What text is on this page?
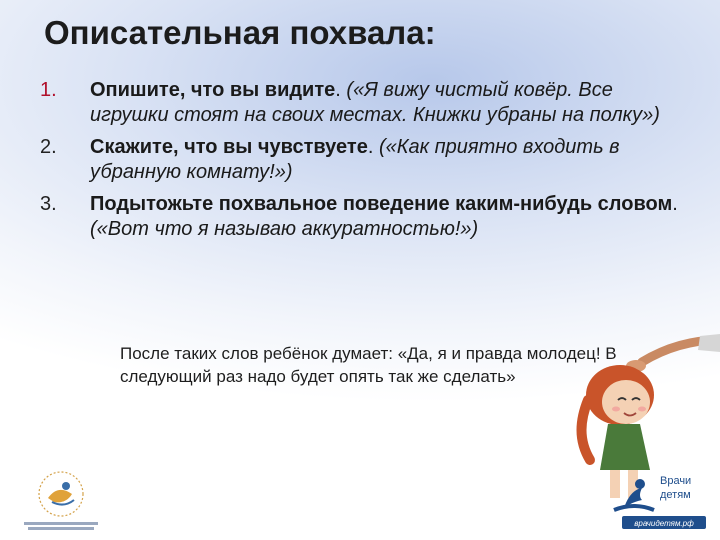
Описательная похвала:
1. Опишите, что вы видите. («Я вижу чистый ковёр. Все игрушки стоят на своих местах. Книжки убраны на полку»)
2. Скажите, что вы чувствуете. («Как приятно входить в убранную комнату!»)
3. Подытожьте похвальное поведение каким-нибудь словом. («Вот что я называю аккуратностью!»)
После таких слов ребёнок думает: «Да, я и правда молодец! В следующий раз надо будет опять так же сделать»
Врачи
детям
врачидетям.рф
